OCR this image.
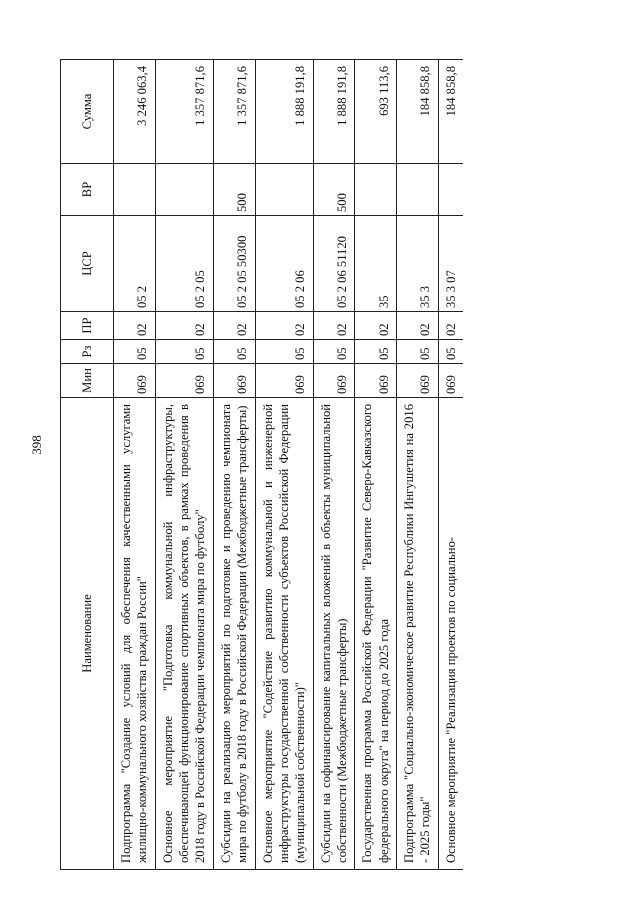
398
Наименование	Мин	Рз	ПР	ЦСР	ВР	Сумма
Подпрограмма "Создание условий для обеспечения качественными услугами жилищно-коммунального хозяйства граждан России"	069	05	02	05 2		3 246 063,4
Основное мероприятие "Подготовка коммунальной инфраструктуры, обеспечивающей функционирование спортивных объектов, в рамках проведения в 2018 году в Российской Федерации чемпионата мира по футболу"	069	05	02	05 2 05		1 357 871,6
Субсидии на реализацию мероприятий по подготовке и проведению чемпионата мира по футболу в 2018 году в Российской Федерации (Межбюджетные трансферты)	069	05	02	05 2 05 50300	500	1 357 871,6
Основное мероприятие "Содействие развитию коммунальной и инженерной инфраструктуры государственной собственности субъектов Российской Федерации (муниципальной собственности)"	069	05	02	05 2 06		1 888 191,8
Субсидии на софинансирование капитальных вложений в объекты муниципальной собственности (Межбюджетные трансферты)	069	05	02	05 2 06 51120	500	1 888 191,8
Государственная программа Российской Федерации "Развитие Северо-Кавказского федерального округа" на период до 2025 года	069	05	02	35		693 113,6
Подпрограмма "Социально-экономическое развитие Республики Ингушетия на 2016 - 2025 годы"	069	05	02	35 3		184 858,8
Основное мероприятие "Реализация проектов по социально-	069	05	02	35 3 07		184 858,8
